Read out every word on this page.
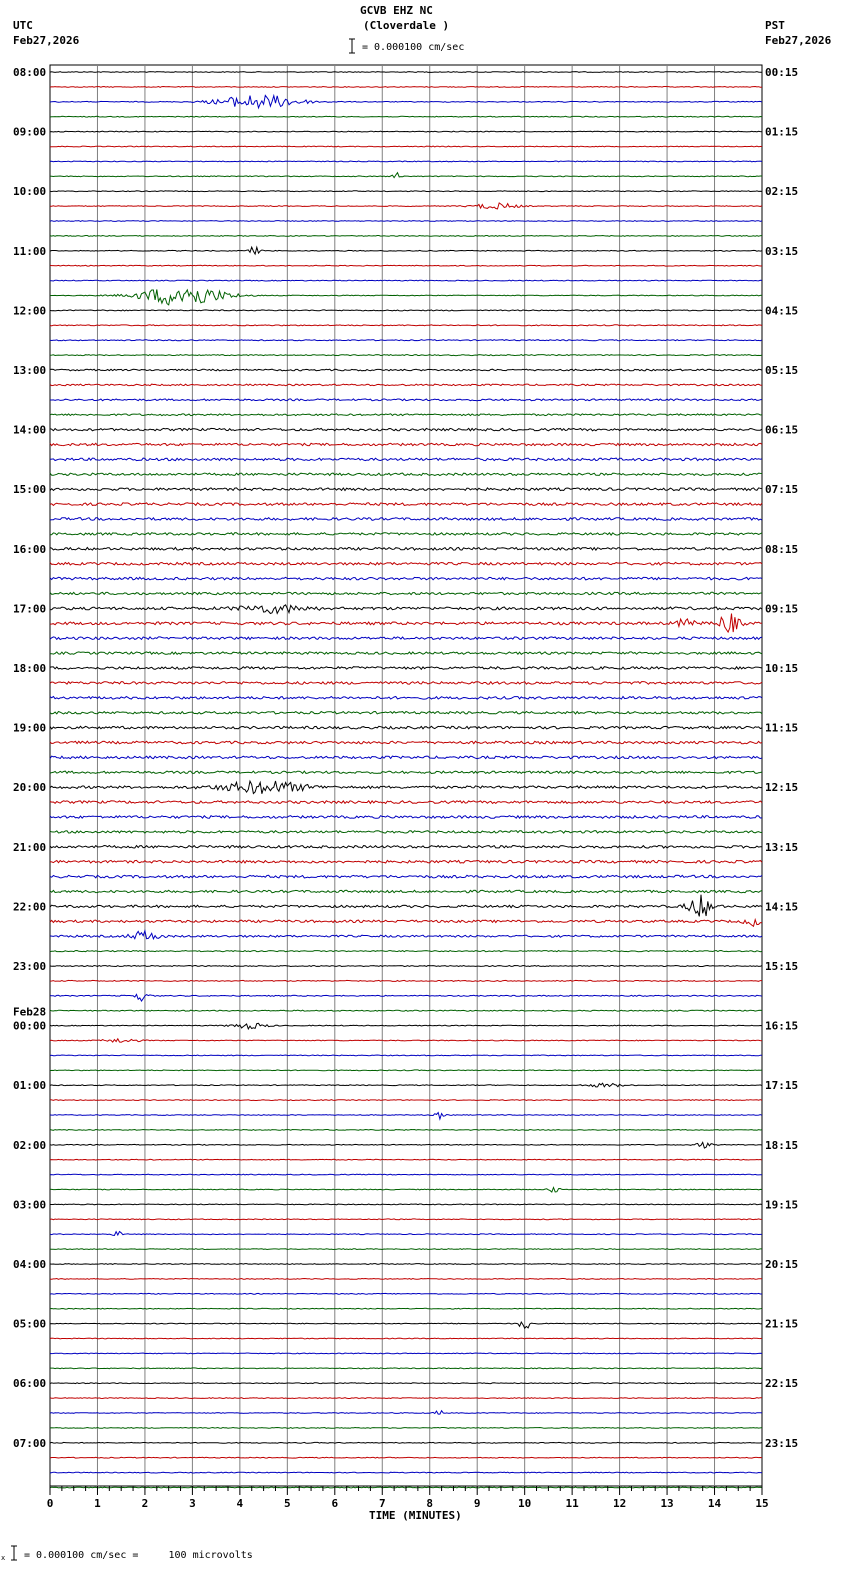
GCVB EHZ NC
(Cloverdale )
= 0.000100 cm/sec
UTC
Feb27,2026
PST
Feb27,2026
= 0.000100 cm/sec =     100 microvolts
x
TIME (MINUTES)
08:00
09:00
10:00
11:00
12:00
13:00
14:00
15:00
16:00
17:00
18:00
19:00
20:00
21:00
22:00
23:00
00:00
01:00
02:00
03:00
04:00
05:00
06:00
07:00
00:15
01:15
02:15
03:15
04:15
05:15
06:15
07:15
08:15
09:15
10:15
11:15
12:15
13:15
14:15
15:15
16:15
17:15
18:15
19:15
20:15
21:15
22:15
23:15
Feb28
0	1	2	3	4	5	6	7	8	9	10	11	12	13	14	15
